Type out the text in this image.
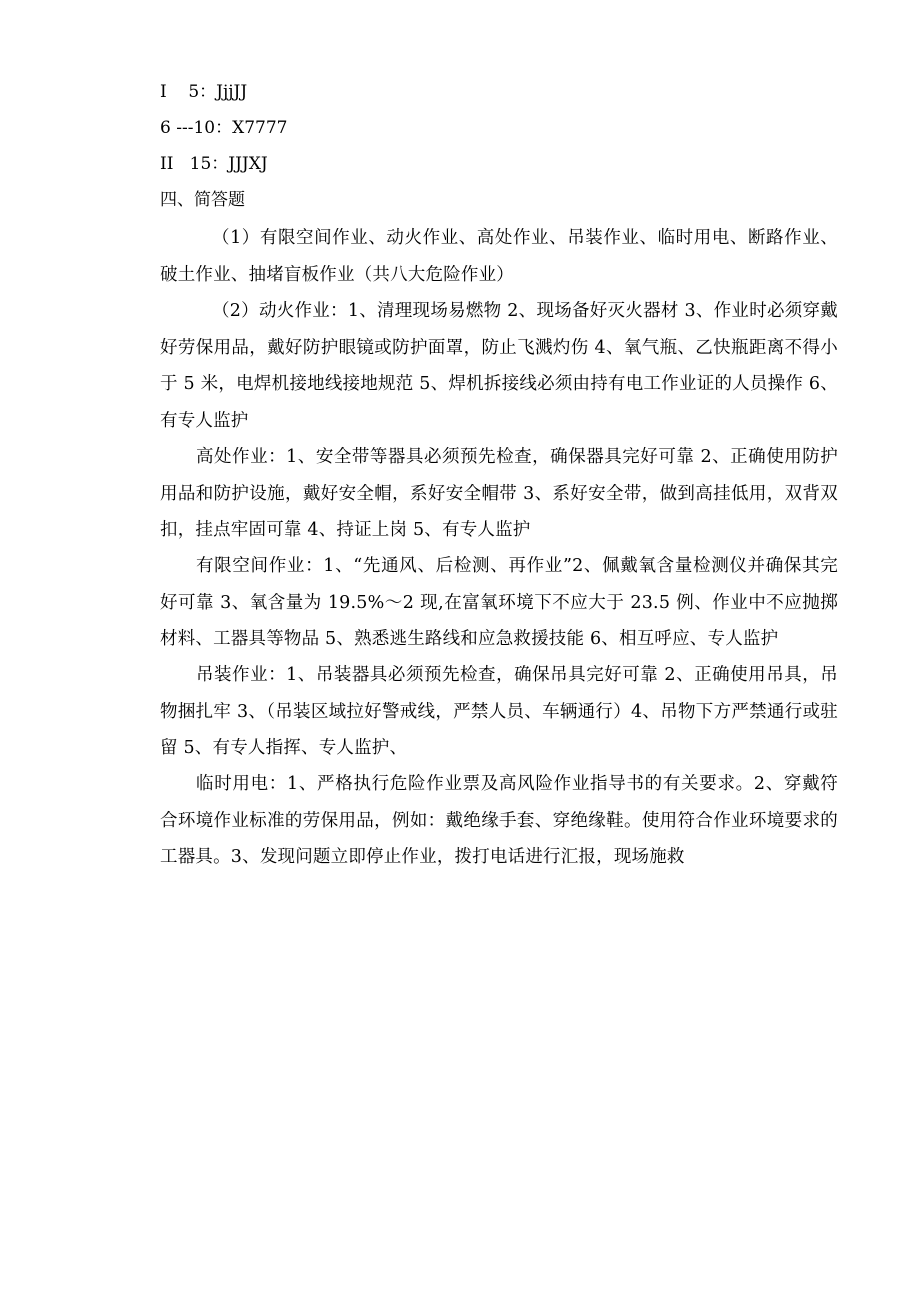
I    5：JjjJJ
6 ---10：X7777
II   15：JJJXJ
四、简答题
（1）有限空间作业、动火作业、高处作业、吊装作业、临时用电、断路作业、破土作业、抽堵盲板作业（共八大危险作业）
（2）动火作业：1、清理现场易燃物 2、现场备好灭火器材 3、作业时必须穿戴好劳保用品，戴好防护眼镜或防护面罩，防止飞溅灼伤 4、氧气瓶、乙快瓶距离不得小于 5 米，电焊机接地线接地规范 5、焊机拆接线必须由持有电工作业证的人员操作 6、有专人监护
高处作业：1、安全带等器具必须预先检查，确保器具完好可靠 2、正确使用防护用品和防护设施，戴好安全帽，系好安全帽带 3、系好安全带，做到高挂低用，双背双扣，挂点牢固可靠 4、持证上岗 5、有专人监护
有限空间作业：1、“先通风、后检测、再作业”2、佩戴氧含量检测仪并确保其完好可靠 3、氧含量为 19.5%～2 现,在富氧环境下不应大于 23.5 例、作业中不应抛掷材料、工器具等物品 5、熟悉逃生路线和应急救援技能 6、相互呼应、专人监护
吊装作业：1、吊装器具必须预先检查，确保吊具完好可靠 2、正确使用吊具，吊物捆扎牢 3、（吊装区域拉好警戒线，严禁人员、车辆通行）4、吊物下方严禁通行或驻留 5、有专人指挥、专人监护、
临时用电：1、严格执行危险作业票及高风险作业指导书的有关要求。2、穿戴符合环境作业标准的劳保用品，例如：戴绝缘手套、穿绝缘鞋。使用符合作业环境要求的工器具。3、发现问题立即停止作业，拨打电话进行汇报，现场施救
